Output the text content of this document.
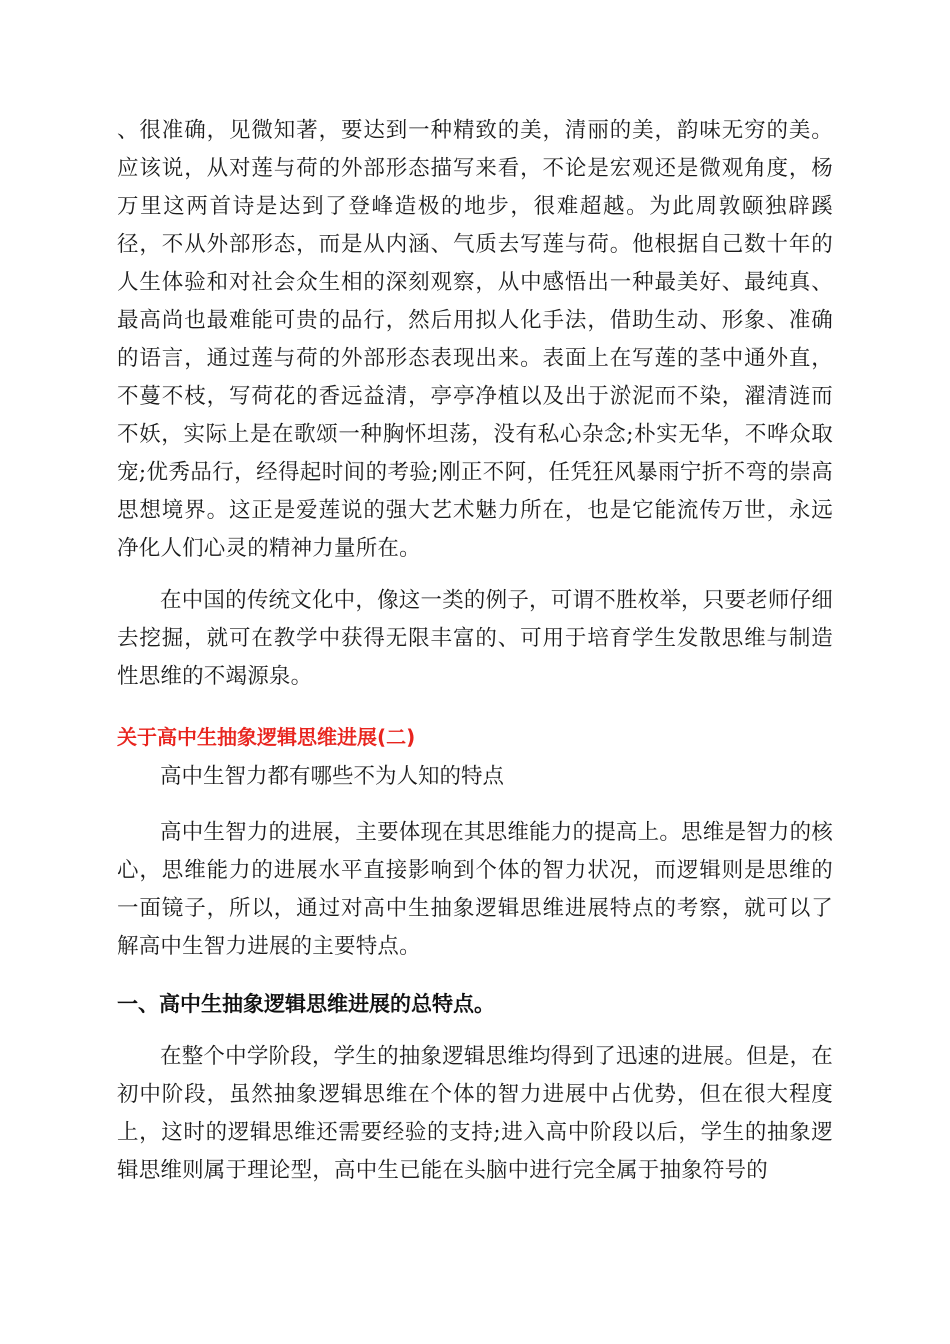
、很准确，见微知著，要达到一种精致的美，清丽的美，韵味无穷的美。应该说，从对莲与荷的外部形态描写来看，不论是宏观还是微观角度，杨万里这两首诗是达到了登峰造极的地步，很难超越。为此周敦颐独辟蹊径，不从外部形态，而是从内涵、气质去写莲与荷。他根据自己数十年的人生体验和对社会众生相的深刻观察，从中感悟出一种最美好、最纯真、最高尚也最难能可贵的品行，然后用拟人化手法，借助生动、形象、准确的语言，通过莲与荷的外部形态表现出来。表面上在写莲的茎中通外直，不蔓不枝，写荷花的香远益清，亭亭净植以及出于淤泥而不染，濯清涟而不妖，实际上是在歌颂一种胸怀坦荡，没有私心杂念;朴实无华，不哗众取宠;优秀品行，经得起时间的考验;刚正不阿，任凭狂风暴雨宁折不弯的崇高思想境界。这正是爱莲说的强大艺术魅力所在，也是它能流传万世，永远净化人们心灵的精神力量所在。

在中国的传统文化中，像这一类的例子，可谓不胜枚举，只要老师仔细去挖掘，就可在教学中获得无限丰富的、可用于培育学生发散思维与制造性思维的不竭源泉。

关于高中生抽象逻辑思维进展(二)

高中生智力都有哪些不为人知的特点

高中生智力的进展，主要体现在其思维能力的提高上。思维是智力的核心，思维能力的进展水平直接影响到个体的智力状况，而逻辑则是思维的一面镜子，所以，通过对高中生抽象逻辑思维进展特点的考察，就可以了解高中生智力进展的主要特点。

一、高中生抽象逻辑思维进展的总特点。

在整个中学阶段，学生的抽象逻辑思维均得到了迅速的进展。但是，在初中阶段，虽然抽象逻辑思维在个体的智力进展中占优势，但在很大程度上，这时的逻辑思维还需要经验的支持;进入高中阶段以后，学生的抽象逻辑思维则属于理论型，高中生已能在头脑中进行完全属于抽象符号的
